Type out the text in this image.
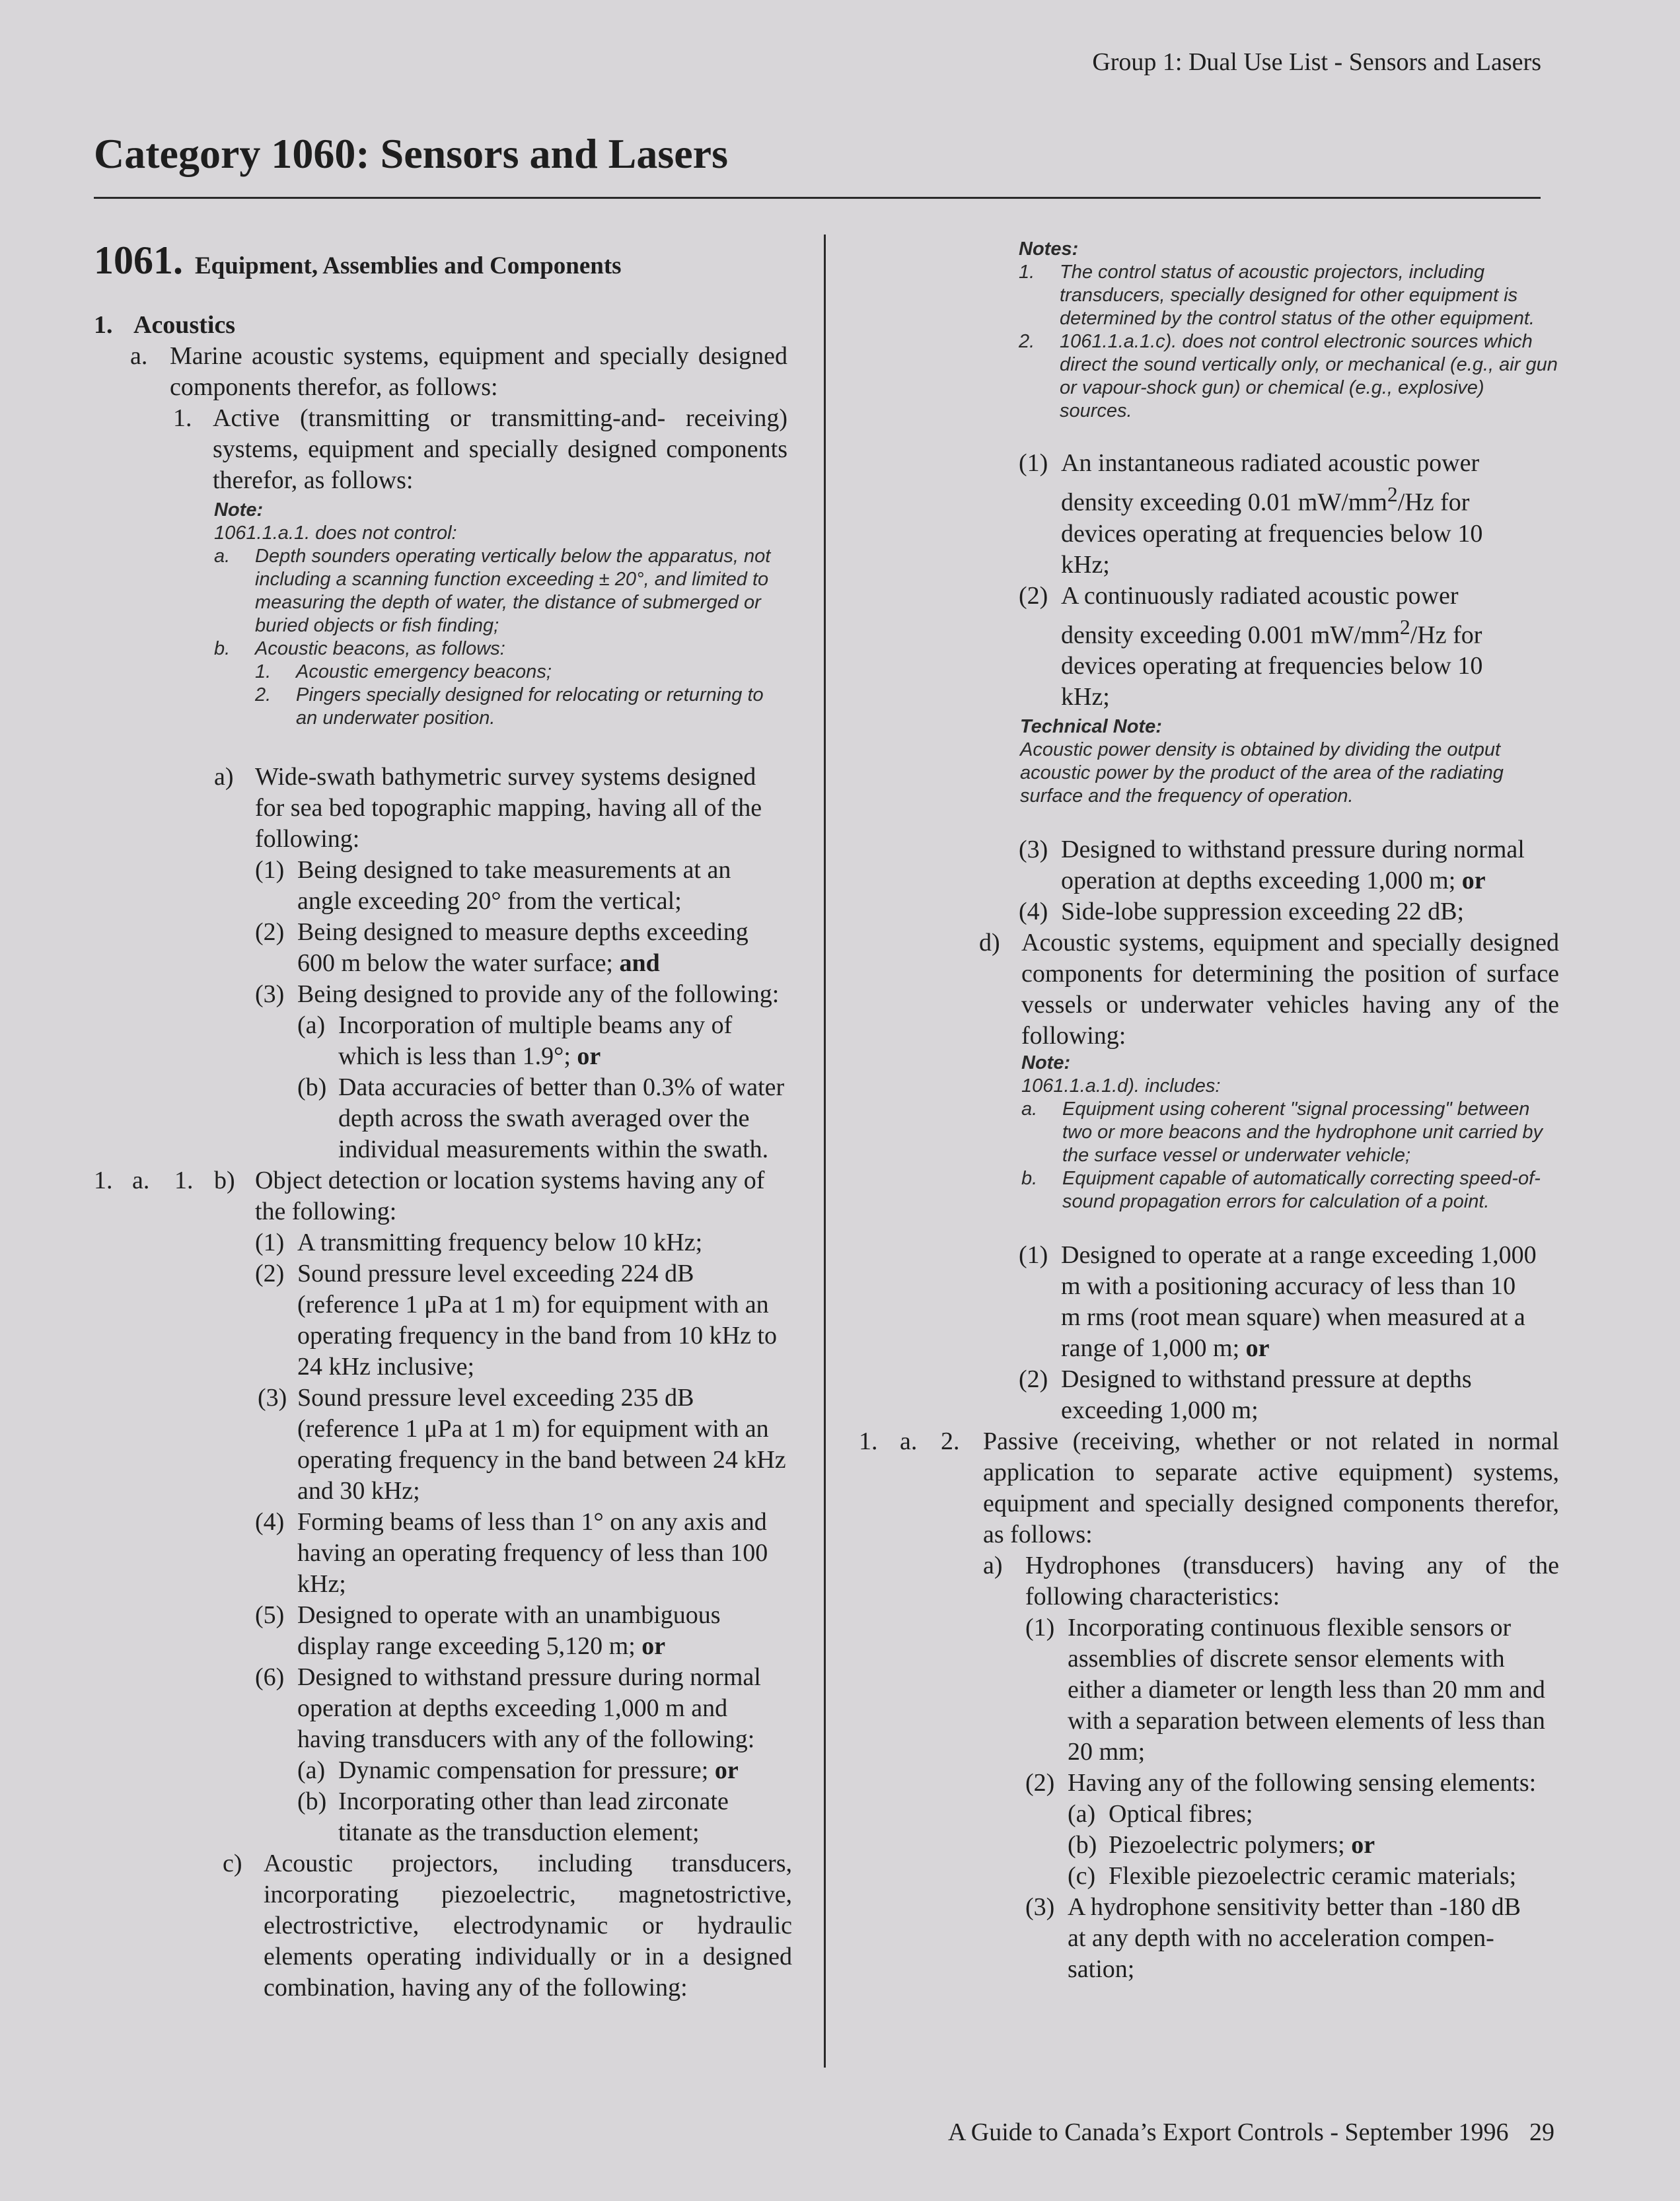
Group 1: Dual Use List - Sensors and Lasers
Category 1060: Sensors and Lasers
1061. Equipment, Assemblies and Components
1. Acoustics
a. Marine acoustic systems, equipment and specially designed components therefor, as follows:
1. Active (transmitting or transmitting-and- receiving) systems, equipment and specially designed components therefor, as follows:
Note:
1061.1.a.1. does not control:
a. Depth sounders operating vertically below the apparatus, not including a scanning function exceeding ± 20°, and limited to measuring the depth of water, the distance of submerged or buried objects or fish finding;
b. Acoustic beacons, as follows:
1. Acoustic emergency beacons;
2. Pingers specially designed for relocating or returning to an underwater position.
a) Wide-swath bathymetric survey systems designed for sea bed topographic mapping, having all of the following:
(1) Being designed to take measurements at an angle exceeding 20° from the vertical;
(2) Being designed to measure depths exceeding 600 m below the water surface; and
(3) Being designed to provide any of the following:
(a) Incorporation of multiple beams any of which is less than 1.9°; or
(b) Data accuracies of better than 0.3% of water depth across the swath averaged over the individual measurements within the swath.
1. a. 1. b) Object detection or location systems having any of the following:
(1) A transmitting frequency below 10 kHz;
(2) Sound pressure level exceeding 224 dB (reference 1 μPa at 1 m) for equipment with an operating frequency in the band from 10 kHz to 24 kHz inclusive;
(3) Sound pressure level exceeding 235 dB (reference 1 μPa at 1 m) for equipment with an operating frequency in the band between 24 kHz and 30 kHz;
(4) Forming beams of less than 1° on any axis and having an operating frequency of less than 100 kHz;
(5) Designed to operate with an unambiguous display range exceeding 5,120 m; or
(6) Designed to withstand pressure during normal operation at depths exceeding 1,000 m and having transducers with any of the following:
(a) Dynamic compensation for pressure; or
(b) Incorporating other than lead zirconate titanate as the transduction element;
c) Acoustic projectors, including transducers, incorporating piezoelectric, magnetostrictive, electrostrictive, electrodynamic or hydraulic elements operating individually or in a designed combination, having any of the following:
Notes:
1. The control status of acoustic projectors, including transducers, specially designed for other equipment is determined by the control status of the other equipment.
2. 1061.1.a.1.c). does not control electronic sources which direct the sound vertically only, or mechanical (e.g., air gun or vapour-shock gun) or chemical (e.g., explosive) sources.
(1) An instantaneous radiated acoustic power density exceeding 0.01 $mW/mm^2/Hz$ for devices operating at frequencies below 10 kHz;
(2) A continuously radiated acoustic power density exceeding 0.001 $mW/mm^2/Hz$ for devices operating at frequencies below 10 kHz;
Technical Note:
Acoustic power density is obtained by dividing the output acoustic power by the product of the area of the radiating surface and the frequency of operation.
(3) Designed to withstand pressure during normal operation at depths exceeding 1,000 m; or
(4) Side-lobe suppression exceeding 22 dB;
d) Acoustic systems, equipment and specially designed components for determining the position of surface vessels or underwater vehicles having any of the following:
Note:
1061.1.a.1.d). includes:
a. Equipment using coherent "signal processing" between two or more beacons and the hydrophone unit carried by the surface vessel or underwater vehicle;
b. Equipment capable of automatically correcting speed-of-sound propagation errors for calculation of a point.
(1) Designed to operate at a range exceeding 1,000 m with a positioning accuracy of less than 10 m rms (root mean square) when measured at a range of 1,000 m; or
(2) Designed to withstand pressure at depths exceeding 1,000 m;
1. a. 2. Passive (receiving, whether or not related in normal application to separate active equipment) systems, equipment and specially designed components therefor, as follows:
a) Hydrophones (transducers) having any of the following characteristics:
(1) Incorporating continuous flexible sensors or assemblies of discrete sensor elements with either a diameter or length less than 20 mm and with a separation between elements of less than 20 mm;
(2) Having any of the following sensing elements:
(a) Optical fibres;
(b) Piezoelectric polymers; or
(c) Flexible piezoelectric ceramic materials;
(3) A hydrophone sensitivity better than -180 dB at any depth with no acceleration compen- sation;
A Guide to Canada’s Export Controls - September 1996 29
